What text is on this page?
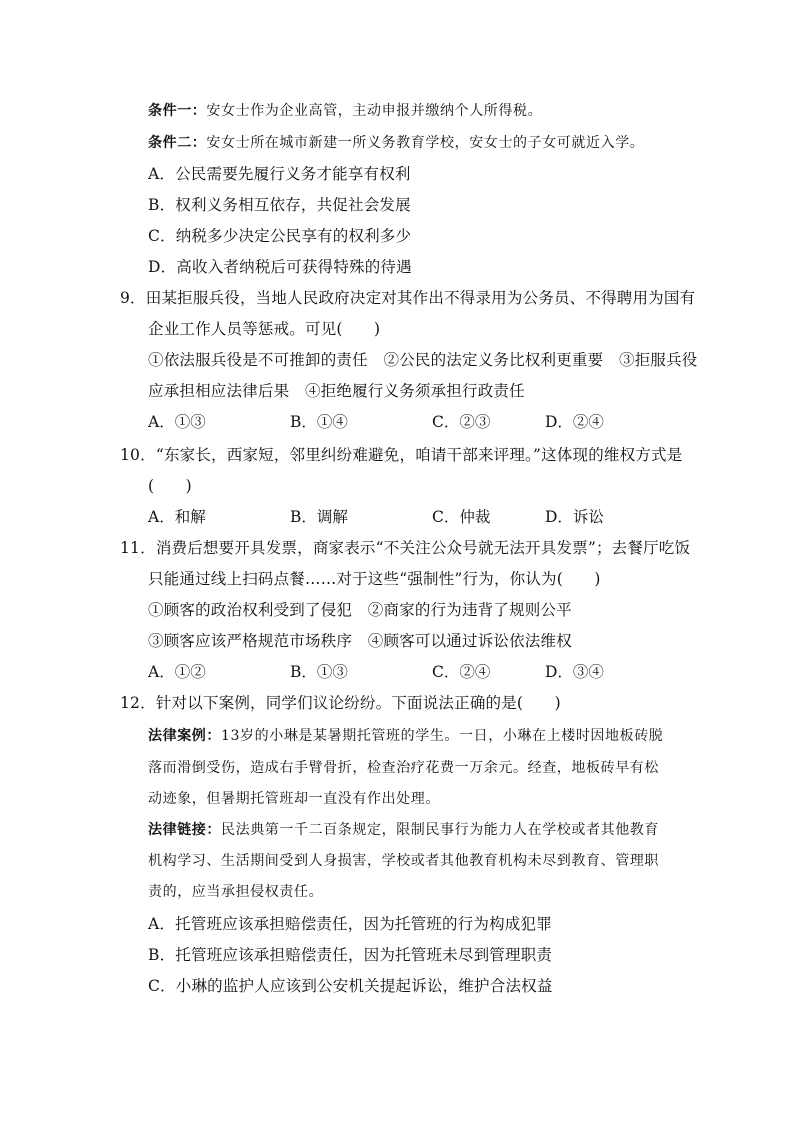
条件一：安女士作为企业高管，主动申报并缴纳个人所得税。
条件二：安女士所在城市新建一所义务教育学校，安女士的子女可就近入学。
A．公民需要先履行义务才能享有权利
B．权利义务相互依存，共促社会发展
C．纳税多少决定公民享有的权利多少
D．高收入者纳税后可获得特殊的待遇
9．田某拒服兵役，当地人民政府决定对其作出不得录用为公务员、不得聘用为国有
企业工作人员等惩戒。可见(　　)
①依法服兵役是不可推卸的责任　②公民的法定义务比权利更重要　③拒服兵役
应承担相应法律后果　④拒绝履行义务须承担行政责任
A．①③	B．①④	C．②③	D．②④
10．“东家长，西家短，邻里纠纷难避免，咱请干部来评理。”这体现的维权方式是
(　　)
A．和解	B．调解	C．仲裁	D．诉讼
11．消费后想要开具发票，商家表示“不关注公众号就无法开具发票”；去餐厅吃饭
只能通过线上扫码点餐……对于这些“强制性”行为，你认为(　　)
①顾客的政治权利受到了侵犯　②商家的行为违背了规则公平
③顾客应该严格规范市场秩序　④顾客可以通过诉讼依法维权
A．①②	B．①③	C．②④	D．③④
12．针对以下案例，同学们议论纷纷。下面说法正确的是(　　)
法律案例：13岁的小琳是某暑期托管班的学生。一日，小琳在上楼时因地板砖脱
落而滑倒受伤，造成右手臂骨折，检查治疗花费一万余元。经查，地板砖早有松
动迹象，但暑期托管班却一直没有作出处理。
法律链接：民法典第一千二百条规定，限制民事行为能力人在学校或者其他教育
机构学习、生活期间受到人身损害，学校或者其他教育机构未尽到教育、管理职
责的，应当承担侵权责任。
A．托管班应该承担赔偿责任，因为托管班的行为构成犯罪
B．托管班应该承担赔偿责任，因为托管班未尽到管理职责
C．小琳的监护人应该到公安机关提起诉讼，维护合法权益
